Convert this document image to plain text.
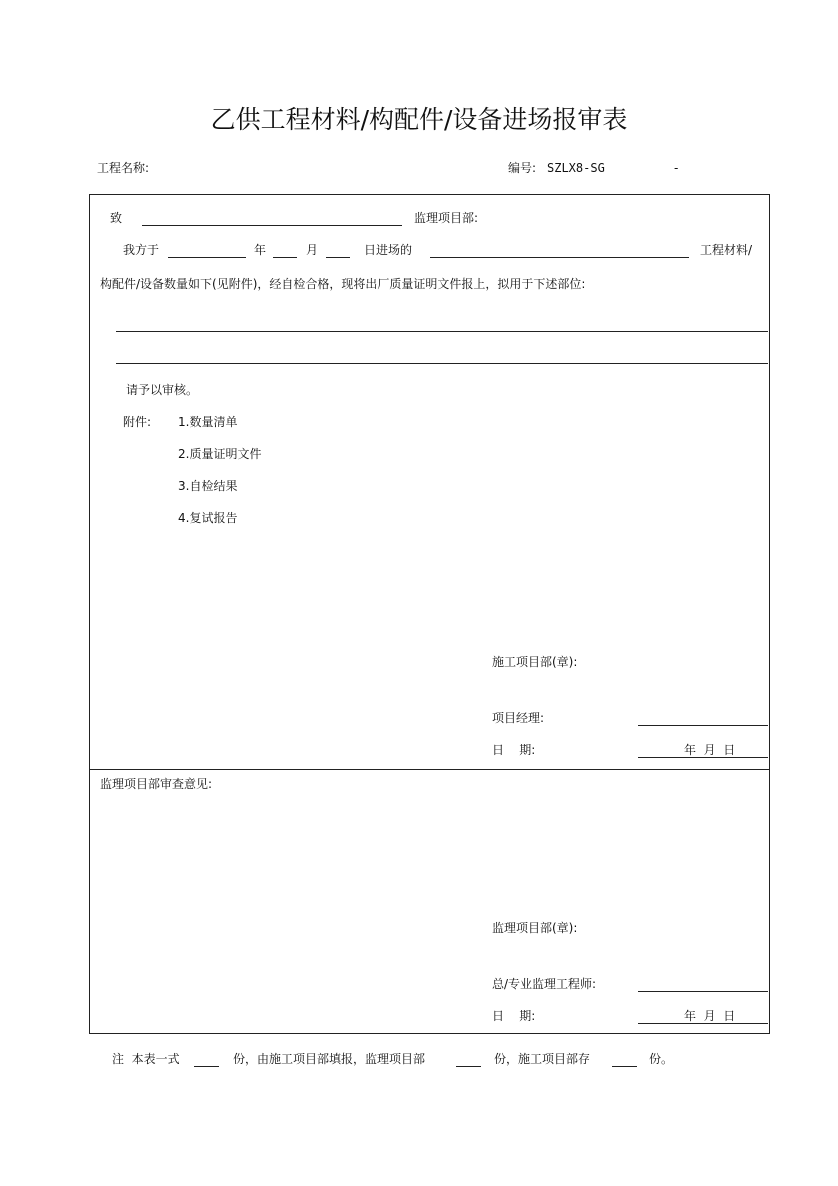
乙供工程材料/构配件/设备进场报审表
工程名称:	编号: SZLX8-SG	-
致	监理项目部:
我方于	年	月	日进场的	工程材料/
构配件/设备数量如下(见附件)，经自检合格，现将出厂质量证明文件报上，拟用于下述部位:
请予以审核。
附件: 1.数量清单
2.质量证明文件
3.自检结果
4.复试报告
施工项目部(章):
项目经理:
日    期:	年  月  日
监理项目部审查意见:
监理项目部(章):
总/专业监理工程师:
日    期:	年  月  日
注  本表一式	份，由施工项目部填报，监理项目部	份，施工项目部存	份。
